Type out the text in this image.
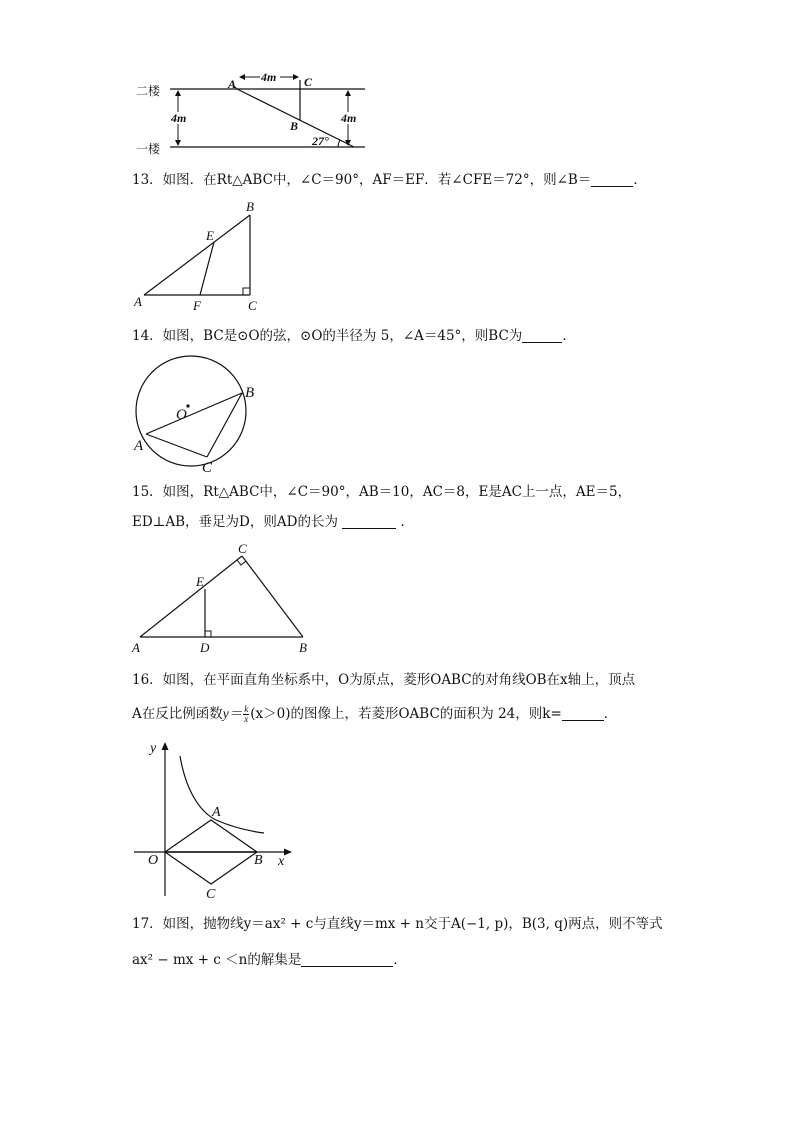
二楼
一楼
4m
4m
4m
27°
A
B
C
13．如图．在Rt△ABC中，∠C＝90°，AF＝EF．若∠CFE＝72°，则∠B＝	．
A
B
C
E
F
14．如图，BC是⊙O的弦，⊙O的半径为 5，∠A＝45°，则BC为	．
O
A
B
C
15．如图，Rt△ABC中，∠C＝90°，AB＝10，AC＝8，E是AC上一点，AE＝5，
ED⊥AB，垂足为D，则AD的长为	．
A	B
C
D
E
16．如图，在平面直角坐标系中，O为原点，菱形OABC的对角线OB在x轴上，顶点
A在反比例函数$y= \frac{k}{x} (x>0)$的图像上，若菱形OABC的面积为 24，则k=	．
O
A
B
C
x
y
17．如图，抛物线y＝ax² + c与直线y＝mx + n交于A(−1, p)，B(3, q)两点，则不等式
ax² − mx + c ＜n的解集是	．
